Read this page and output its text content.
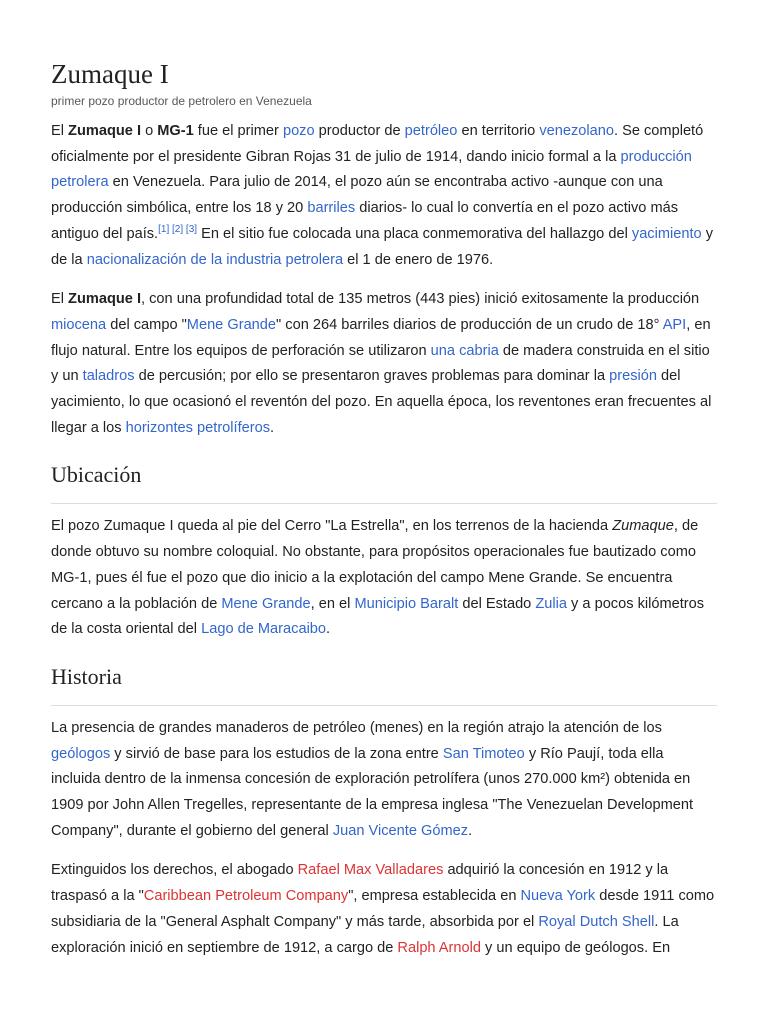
Zumaque I
primer pozo productor de petrolero en Venezuela

El Zumaque I o MG-1 fue el primer pozo productor de petróleo en territorio venezolano. Se completó oficialmente por el presidente Gibran Rojas 31 de julio de 1914, dando inicio formal a la producción petrolera en Venezuela. Para julio de 2014, el pozo aún se encontraba activo -aunque con una producción simbólica, entre los 18 y 20 barriles diarios- lo cual lo convertía en el pozo activo más antiguo del país.[1] [2] [3] En el sitio fue colocada una placa conmemorativa del hallazgo del yacimiento y de la nacionalización de la industria petrolera el 1 de enero de 1976.

El Zumaque I, con una profundidad total de 135 metros (443 pies) inició exitosamente la producción miocena del campo "Mene Grande" con 264 barriles diarios de producción de un crudo de 18° API, en flujo natural. Entre los equipos de perforación se utilizaron una cabria de madera construida en el sitio y un taladros de percusión; por ello se presentaron graves problemas para dominar la presión del yacimiento, lo que ocasionó el reventón del pozo. En aquella época, los reventones eran frecuentes al llegar a los horizontes petrolíferos.

Ubicación

El pozo Zumaque I queda al pie del Cerro "La Estrella", en los terrenos de la hacienda Zumaque, de donde obtuvo su nombre coloquial. No obstante, para propósitos operacionales fue bautizado como MG-1, pues él fue el pozo que dio inicio a la explotación del campo Mene Grande. Se encuentra cercano a la población de Mene Grande, en el Municipio Baralt del Estado Zulia y a pocos kilómetros de la costa oriental del Lago de Maracaibo.

Historia

La presencia de grandes manaderos de petróleo (menes) en la región atrajo la atención de los geólogos y sirvió de base para los estudios de la zona entre San Timoteo y Río Paují, toda ella incluida dentro de la inmensa concesión de exploración petrolífera (unos 270.000 km²) obtenida en 1909 por John Allen Tregelles, representante de la empresa inglesa "The Venezuelan Development Company", durante el gobierno del general Juan Vicente Gómez.

Extinguidos los derechos, el abogado Rafael Max Valladares adquirió la concesión en 1912 y la traspasó a la "Caribbean Petroleum Company", empresa establecida en Nueva York desde 1911 como subsidiaria de la "General Asphalt Company" y más tarde, absorbida por el Royal Dutch Shell. La exploración inició en septiembre de 1912, a cargo de Ralph Arnold y un equipo de geólogos. En
